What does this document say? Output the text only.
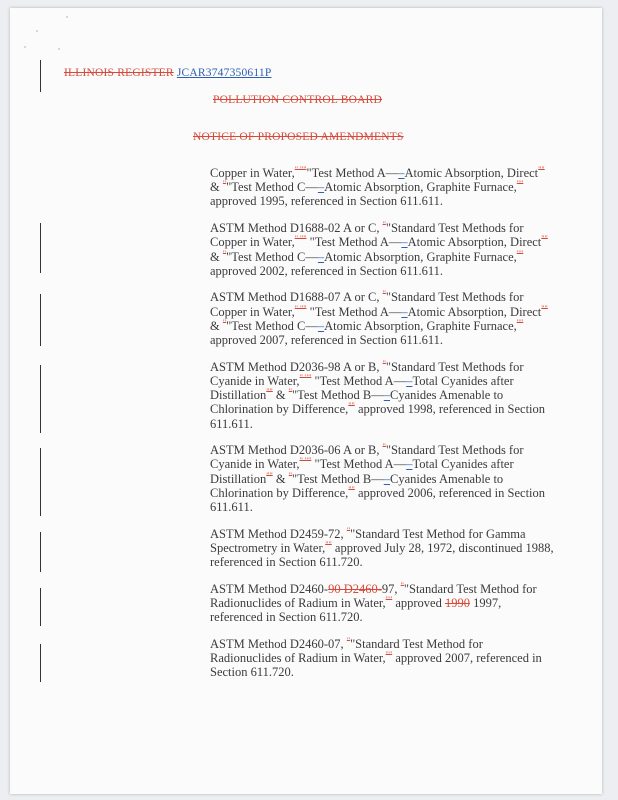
ILLINOIS REGISTER JCAR3747350611P
POLLUTION CONTROL BOARD
NOTICE OF PROPOSED AMENDMENTS

Copper in Water," """Test Method A—–Atomic Absorption, Direct"" & ""Test Method C—–Atomic Absorption, Graphite Furnace,"" approved 1995, referenced in Section 611.611.

ASTM Method D1688-02 A or C, ""Standard Test Methods for Copper in Water," "" "Test Method A—–Atomic Absorption, Direct"" & ""Test Method C—–Atomic Absorption, Graphite Furnace,"" approved 2002, referenced in Section 611.611.

ASTM Method D1688-07 A or C, ""Standard Test Methods for Copper in Water," "" "Test Method A—–Atomic Absorption, Direct"" & ""Test Method C—–Atomic Absorption, Graphite Furnace,"" approved 2007, referenced in Section 611.611.

ASTM Method D2036-98 A or B, ""Standard Test Methods for Cyanide in Water," "" "Test Method A—–Total Cyanides after Distillation"" & ""Test Method B—–Cyanides Amenable to Chlorination by Difference,"" approved 1998, referenced in Section 611.611.

ASTM Method D2036-06 A or B, ""Standard Test Methods for Cyanide in Water," "" "Test Method A—–Total Cyanides after Distillation"" & ""Test Method B—–Cyanides Amenable to Chlorination by Difference,"" approved 2006, referenced in Section 611.611.

ASTM Method D2459-72, ""Standard Test Method for Gamma Spectrometry in Water,"" approved July 28, 1972, discontinued 1988, referenced in Section 611.720.

ASTM Method D2460-90 D2460-97, ""Standard Test Method for Radionuclides of Radium in Water,"" approved 1990 1997, referenced in Section 611.720.

ASTM Method D2460-07, ""Standard Test Method for Radionuclides of Radium in Water,"" approved 2007, referenced in Section 611.720.
